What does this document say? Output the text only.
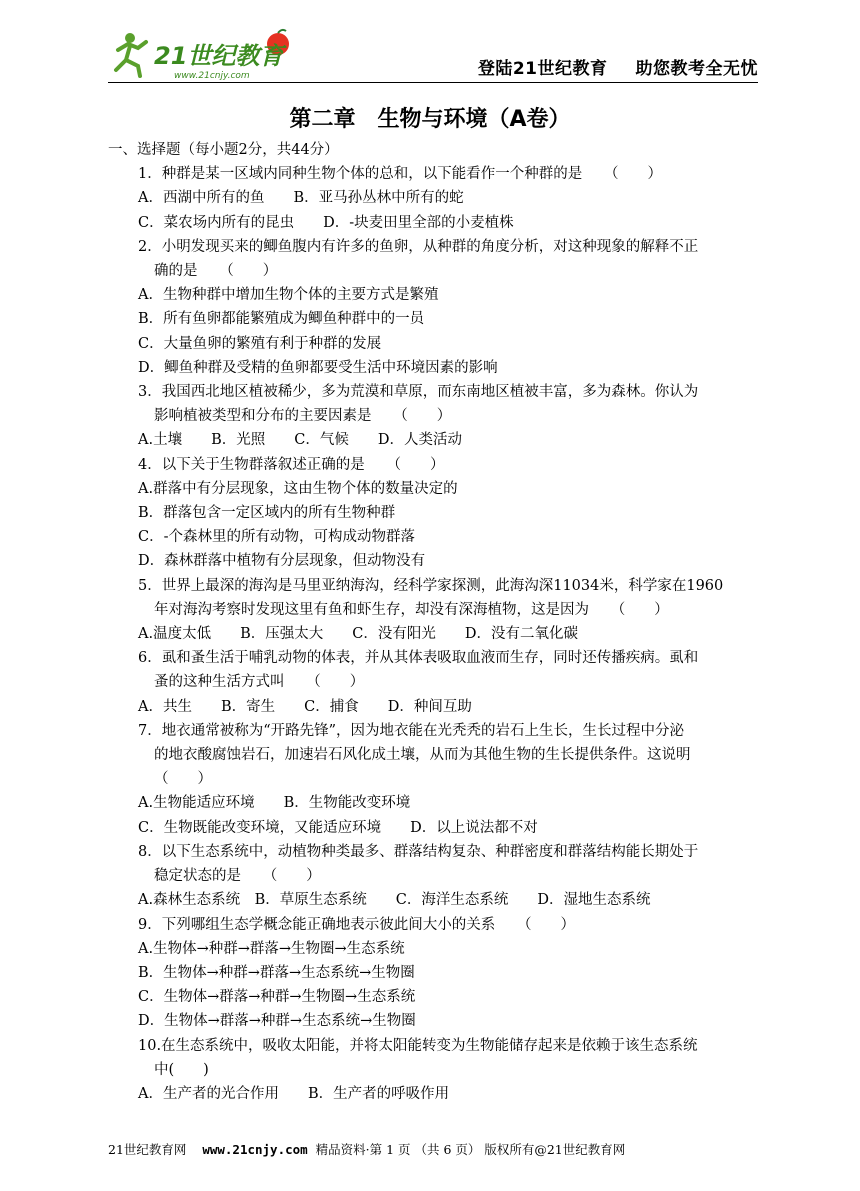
21世纪教育
www.21cnjy.com	登陆21世纪教育 助您教考全无忧
第二章　生物与环境（A卷）
一、选择题（每小题2分，共44分）
1．种群是某一区域内同种生物个体的总和，以下能看作一个种群的是　　（　　）
A．西湖中所有的鱼　　B．亚马孙丛林中所有的蛇
C．菜农场内所有的昆虫　　D．-块麦田里全部的小麦植株
2．小明发现买来的鲫鱼腹内有许多的鱼卵，从种群的角度分析，对这种现象的解释不正
确的是　　（　　）
A．生物种群中增加生物个体的主要方式是繁殖
B．所有鱼卵都能繁殖成为鲫鱼种群中的一员
C．大量鱼卵的繁殖有利于种群的发展
D．鲫鱼种群及受精的鱼卵都要受生活中环境因素的影响
3．我国西北地区植被稀少，多为荒漠和草原，而东南地区植被丰富，多为森林。你认为
影响植被类型和分布的主要因素是　　（　　）
A.土壤　　B．光照　　C．气候　　D．人类活动
4．以下关于生物群落叙述正确的是　　（　　）
A.群落中有分层现象，这由生物个体的数量决定的
B．群落包含一定区域内的所有生物种群
C．-个森林里的所有动物，可构成动物群落
D．森林群落中植物有分层现象，但动物没有
5．世界上最深的海沟是马里亚纳海沟，经科学家探测，此海沟深11034米，科学家在1960
年对海沟考察时发现这里有鱼和虾生存，却没有深海植物，这是因为　　（　　）
A.温度太低　　B．压强太大　　C．没有阳光　　D．没有二氧化碳
6．虱和蚤生活于哺乳动物的体表，并从其体表吸取血液而生存，同时还传播疾病。虱和
蚤的这种生活方式叫　　（　　）
A．共生　　B．寄生　　C．捕食　　D．种间互助
7．地衣通常被称为“开路先锋”，因为地衣能在光秃秃的岩石上生长，生长过程中分泌
的地衣酸腐蚀岩石，加速岩石风化成土壤，从而为其他生物的生长提供条件。这说明
（　　）
A.生物能适应环境　　B．生物能改变环境
C．生物既能改变环境，又能适应环境　　D．以上说法都不对
8．以下生态系统中，动植物种类最多、群落结构复杂、种群密度和群落结构能长期处于
稳定状态的是　　（　　）
A.森林生态系统　B．草原生态系统　　C．海洋生态系统　　D．湿地生态系统
9．下列哪组生态学概念能正确地表示彼此间大小的关系　　（　　）
A.生物体→种群→群落→生物圈→生态系统
B．生物体→种群→群落→生态系统→生物圈
C．生物体→群落→种群→生物圈→生态系统
D．生物体→群落→种群→生态系统→生物圈
10.在生态系统中，吸收太阳能，并将太阳能转变为生物能储存起来是依赖于该生态系统
中(　　)
A．生产者的光合作用　　B．生产者的呼吸作用
21世纪教育网 www.21cnjy.com 精品资料·第 1 页 （共 6 页） 版权所有@21世纪教育网
